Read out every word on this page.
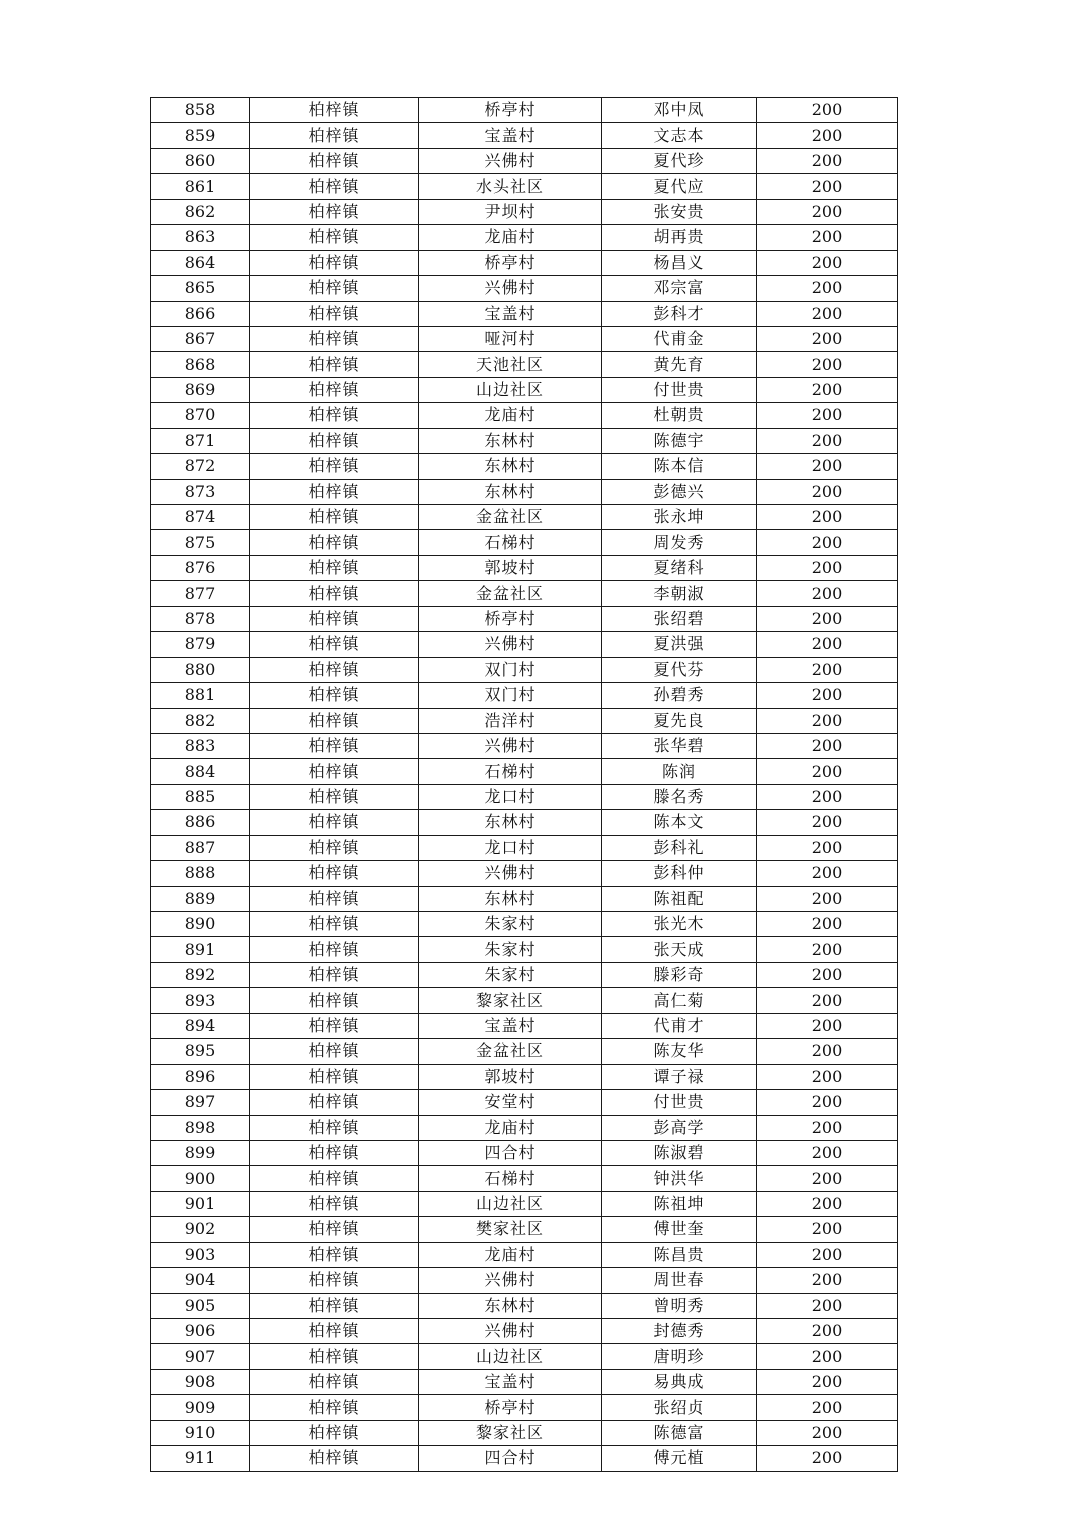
858	柏梓镇	桥亭村	邓中凤	200
859	柏梓镇	宝盖村	文志本	200
860	柏梓镇	兴佛村	夏代珍	200
861	柏梓镇	水头社区	夏代应	200
862	柏梓镇	尹坝村	张安贵	200
863	柏梓镇	龙庙村	胡再贵	200
864	柏梓镇	桥亭村	杨昌义	200
865	柏梓镇	兴佛村	邓宗富	200
866	柏梓镇	宝盖村	彭科才	200
867	柏梓镇	哑河村	代甫金	200
868	柏梓镇	天池社区	黄先育	200
869	柏梓镇	山边社区	付世贵	200
870	柏梓镇	龙庙村	杜朝贵	200
871	柏梓镇	东林村	陈德宇	200
872	柏梓镇	东林村	陈本信	200
873	柏梓镇	东林村	彭德兴	200
874	柏梓镇	金盆社区	张永坤	200
875	柏梓镇	石梯村	周发秀	200
876	柏梓镇	郭坡村	夏绪科	200
877	柏梓镇	金盆社区	李朝淑	200
878	柏梓镇	桥亭村	张绍碧	200
879	柏梓镇	兴佛村	夏洪强	200
880	柏梓镇	双门村	夏代芬	200
881	柏梓镇	双门村	孙碧秀	200
882	柏梓镇	浩洋村	夏先良	200
883	柏梓镇	兴佛村	张华碧	200
884	柏梓镇	石梯村	陈润	200
885	柏梓镇	龙口村	滕名秀	200
886	柏梓镇	东林村	陈本文	200
887	柏梓镇	龙口村	彭科礼	200
888	柏梓镇	兴佛村	彭科仲	200
889	柏梓镇	东林村	陈祖配	200
890	柏梓镇	朱家村	张光木	200
891	柏梓镇	朱家村	张天成	200
892	柏梓镇	朱家村	滕彩奇	200
893	柏梓镇	黎家社区	高仁菊	200
894	柏梓镇	宝盖村	代甫才	200
895	柏梓镇	金盆社区	陈友华	200
896	柏梓镇	郭坡村	谭子禄	200
897	柏梓镇	安堂村	付世贵	200
898	柏梓镇	龙庙村	彭高学	200
899	柏梓镇	四合村	陈淑碧	200
900	柏梓镇	石梯村	钟洪华	200
901	柏梓镇	山边社区	陈祖坤	200
902	柏梓镇	樊家社区	傅世奎	200
903	柏梓镇	龙庙村	陈昌贵	200
904	柏梓镇	兴佛村	周世春	200
905	柏梓镇	东林村	曾明秀	200
906	柏梓镇	兴佛村	封德秀	200
907	柏梓镇	山边社区	唐明珍	200
908	柏梓镇	宝盖村	易典成	200
909	柏梓镇	桥亭村	张绍贞	200
910	柏梓镇	黎家社区	陈德富	200
911	柏梓镇	四合村	傅元植	200
